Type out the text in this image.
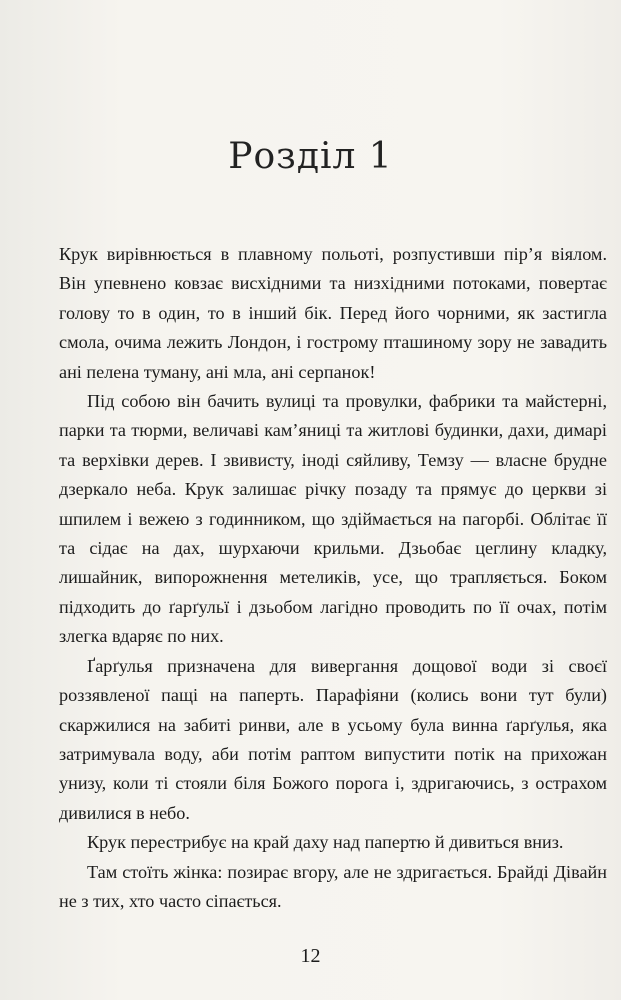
Розділ 1

Крук вирівнюється в плавному польоті, розпустивши пір’я віялом. Він упевнено ковзає висхідними та низхідними потоками, повертає голову то в один, то в інший бік. Перед його чорними, як застигла смола, очима лежить Лондон, і гострому пташиному зору не завадить ані пелена туману, ані мла, ані серпанок!

Під собою він бачить вулиці та провулки, фабрики та майстерні, парки та тюрми, величаві кам’яниці та житлові будинки, дахи, димарі та верхівки дерев. І звивисту, іноді сяйливу, Темзу — власне брудне дзеркало неба. Крук залишає річку позаду та прямує до церкви зі шпилем і вежею з годинником, що здіймається на пагорбі. Облітає її та сідає на дах, шурхаючи крильми. Дзьобає цеглину кладку, лишайник, випорожнення метеликів, усе, що трапляється. Боком підходить до ґарґульї і дзьобом лагідно проводить по її очах, потім злегка вдаряє по них.

Ґарґулья призначена для вивергання дощової води зі своєї роззявленої пащі на паперть. Парафіяни (колись вони тут були) скаржилися на забиті ринви, але в усьому була винна ґарґулья, яка затримувала воду, аби потім раптом випустити потік на прихожан унизу, коли ті стояли біля Божого порога і, здригаючись, з острахом дивилися в небо.

Крук перестрибує на край даху над папертю й дивиться вниз.

Там стоїть жінка: позирає вгору, але не здригається. Брайді Дівайн не з тих, хто часто сіпається.

12
